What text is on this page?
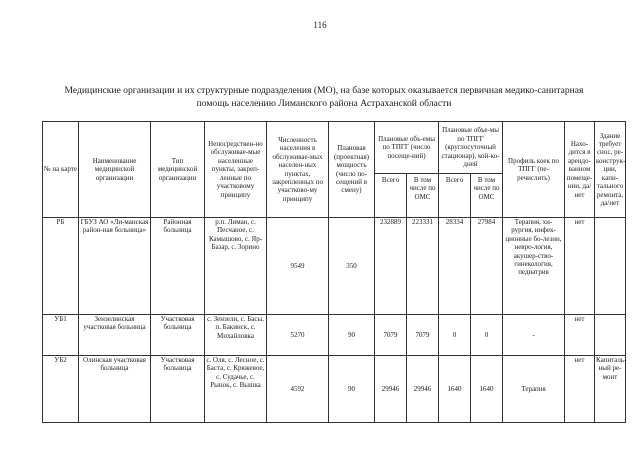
116
Медицинские организации и их структурные подразделения (МО), на базе которых оказывается первичная медико-санитарная помощь населению Лиманского района Астраханской области
№ на карте	Наименование медицинской организации	Тип медицинской организации	Непосредствен-но обслуживае-мые населенные пункты, закреп-ленные по участковому принципу	Численность населения в обслуживае-мых населен-ных пунктах, закрепленных по участково-му принципу	Плановая (проектная) мощность (число по-сещений в смену)	Плановые объ-емы по ТПГГ (число посеще-ний)		Плановые объе-мы по ТПГГ (круглосуточный стационар), кой-ко-дней		Профиль коек по ТПГГ (пе-речислить)	Нахо-дится в арендо-ванном помеще-нии, да/нет	Здание требует снос, ре-конструк-ции, капи-тального ремонта, да/нет
						Всего	В том числе по ОМС	Всего	В том числе по ОМС			
РБ	ГБУЗ АО «Ли-манская район-ная больница»	Районная больница	р.п. Лиман, с. Песчаное, с. Камышово, с. Яр-Базар, с. Зорино	9549	350	232889	223331	28334	27984	Терапия, хи-рургия, инфек-ционные бо-лезни, невро-логия, акушер-ство-гинекология, педиатрия	нет	
УБ1	Зензелинская участковая больница	Участковая больница	с. Зензели, с. Басы, п. Бакинск, с. Михайловка	5270	90	7079	7079	0	0	-	нет	
УБ2	Олинская участковая больница	Участковая больница	с. Оля, с. Лесное, с. Баста, с. Кряжевое, с. Судачье, с. Рынок, с. Вышка	4592	90	29946	29946	1640	1640	Терапия	нет	Капиталь-ный ре-монт
